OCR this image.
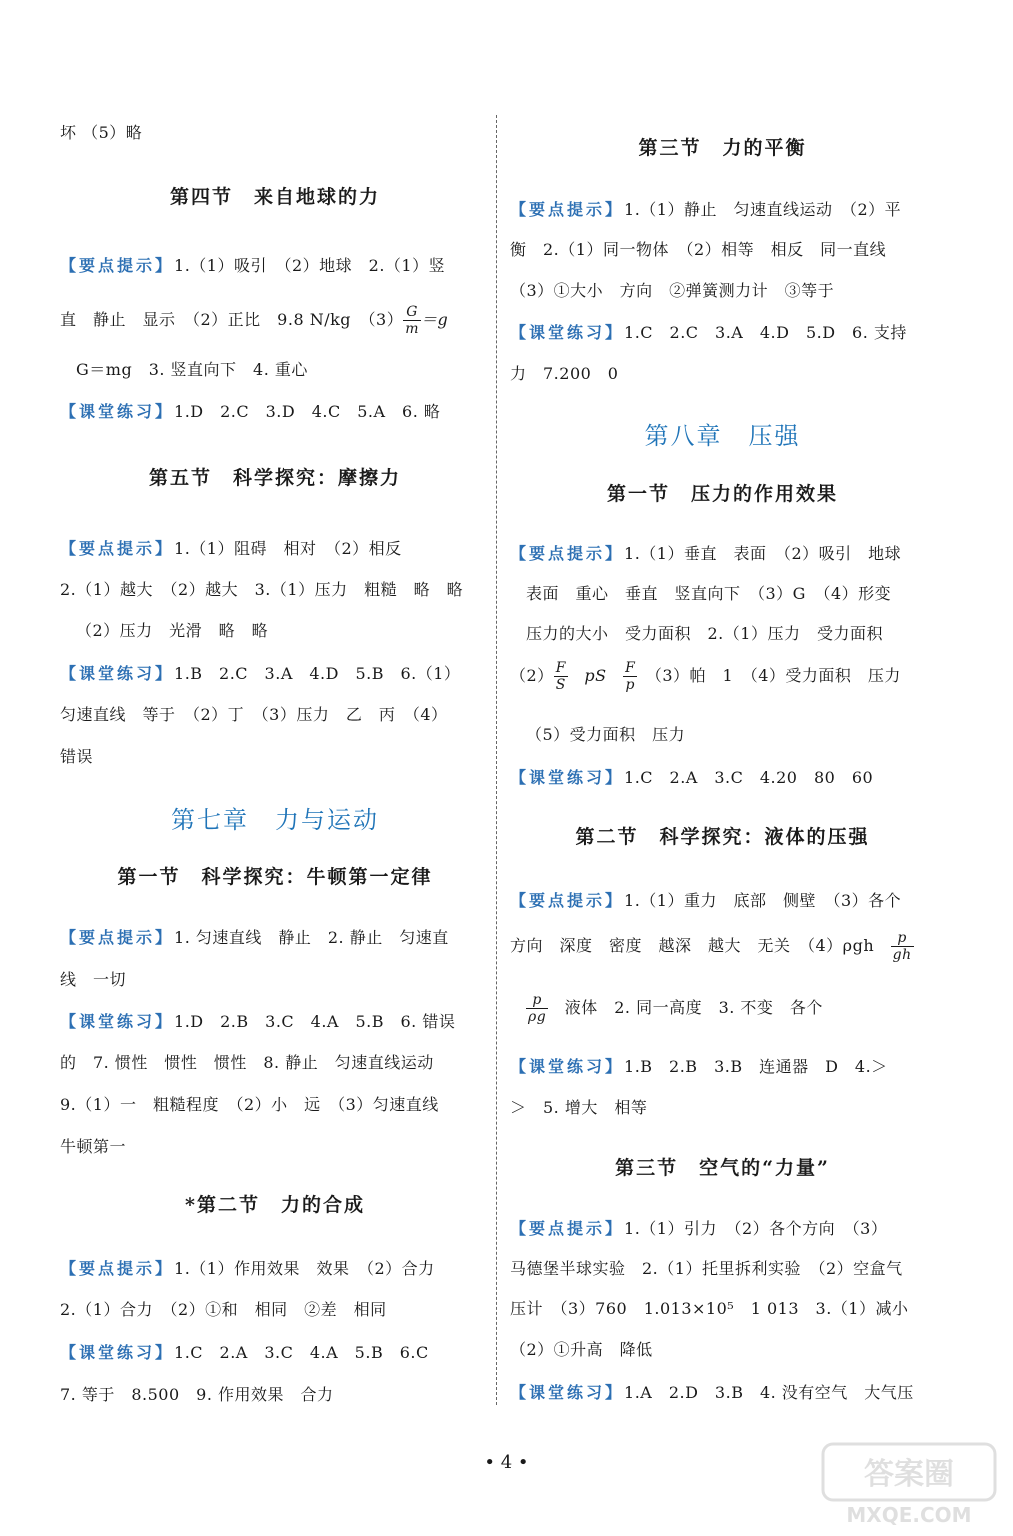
坏 （5）略
第四节　来自地球的力
【要点提示】1.（1）吸引　（2）地球　2.（1）竖
直　静止　显示　（2）正比　9.8 N/kg　$(3) \frac{G}{m} =g$
G＝mg　3. 竖直向下　4. 重心
【课堂练习】1.D　2.C　3.D　4.C　5.A　6. 略
第五节　科学探究：摩擦力
【要点提示】1.（1）阻碍　相对　（2）相反
2.（1）越大　（2）越大　3.（1）压力　粗糙　略　略
（2）压力　光滑　略　略
【课堂练习】1.B　2.C　3.A　4.D　5.B　6.（1）
匀速直线　等于　（2）丁　（3）压力　乙　丙　（4）
错误
第七章　力与运动
第一节　科学探究：牛顿第一定律
【要点提示】1. 匀速直线　静止　2. 静止　匀速直
线　一切
【课堂练习】1.D　2.B　3.C　4.A　5.B　6. 错误
的　7. 惯性　惯性　惯性　8. 静止　匀速直线运动
9.（1）一　粗糙程度　（2）小　远　（3）匀速直线
牛顿第一
*第二节　力的合成
【要点提示】1.（1）作用效果　效果　（2）合力
2.（1）合力　（2）①和　相同　②差　相同
【课堂练习】1.C　2.A　3.C　4.A　5.B　6.C
7. 等于　8.500　9. 作用效果　合力
第三节　力的平衡
【要点提示】1.（1）静止　匀速直线运动　（2）平
衡　2.（1）同一物体　（2）相等　相反　同一直线
（3）①大小　方向　②弹簧测力计　③等于
【课堂练习】1.C　2.C　3.A　4.D　5.D　6. 支持
力　7.200　0
第八章　压强
第一节　压力的作用效果
【要点提示】1.（1）垂直　表面　（2）吸引　地球
表面　重心　垂直　竖直向下　（3）G　（4）形变
压力的大小　受力面积　2.（1）压力　受力面积
$(2) \frac{F}{S}$
　 pS　 $\frac{F}{p}$
　 （3）帕　1　（4）受力面积　压力
（5）受力面积　压力
【课堂练习】1.C　2.A　3.C　4.20　80　60
第二节　科学探究：液体的压强
【要点提示】1.（1）重力　底部　侧壁　（3）各个
方向　深度　密度　越深　越大　无关　（4）ρgh　 $\frac{p}{gh}$
$\frac{p}{\rho g}$
　 液体　2. 同一高度　3. 不变　各个
【课堂练习】1.B　2.B　3.B　连通器　D　4.＞
＞　5. 增大　相等
第三节　空气的“力量”
【要点提示】1.（1）引力　（2）各个方向　（3）
马德堡半球实验　2.（1）托里拆利实验　（2）空盒气
压计　（3）760　1.013×10⁵　1 013　3.（1）减小
（2）①升高　降低
【课堂练习】1.A　2.D　3.B　4. 没有空气　大气压
• 4 •	答案圈
MXQE.COM
